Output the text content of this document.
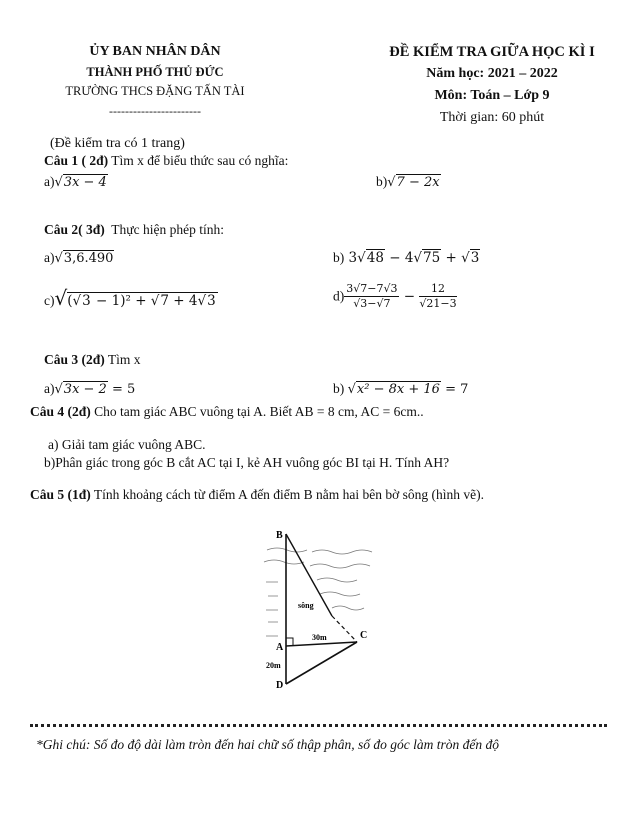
ỦY BAN NHÂN DÂN
THÀNH PHỐ THỦ ĐỨC
TRƯỜNG THCS ĐẶNG TẤN TÀI
-----------------------
ĐỀ KIỂM TRA GIỮA HỌC KÌ I
Năm học: 2021 – 2022
Môn: Toán – Lớp 9
Thời gian: 60 phút
(Đề kiểm tra có 1 trang)
Câu 1 ( 2đ) Tìm x để biểu thức sau có nghĩa:
a)√3x − 4	b)√7 − 2x
Câu 2( 3đ) Thực hiện phép tính:
a)√3,6.490	b) 3√48 − 4√75 + √3
c)√(√3 − 1)² + √7 + 4√3	$d) \frac{3√7-7√3}{√3-√7} - \frac{12}{√21-3}$
Câu 3 (2đ) Tìm x
a)√3x − 2 = 5	b) √x² − 8x + 16 = 7
Câu 4 (2đ) Cho tam giác ABC vuông tại A. Biết AB = 8 cm, AC = 6cm..
a) Giải tam giác vuông ABC.
b)Phân giác trong góc B cắt AC tại I, kẻ AH vuông góc BI tại H. Tính AH?
Câu 5 (1đ) Tính khoảng cách từ điểm A đến điểm B nằm hai bên bờ sông (hình vẽ).
B
A
C
D
sông
30m
20m
*Ghi chú: Số đo độ dài làm tròn đến hai chữ số thập phân, số đo góc làm tròn đến độ
